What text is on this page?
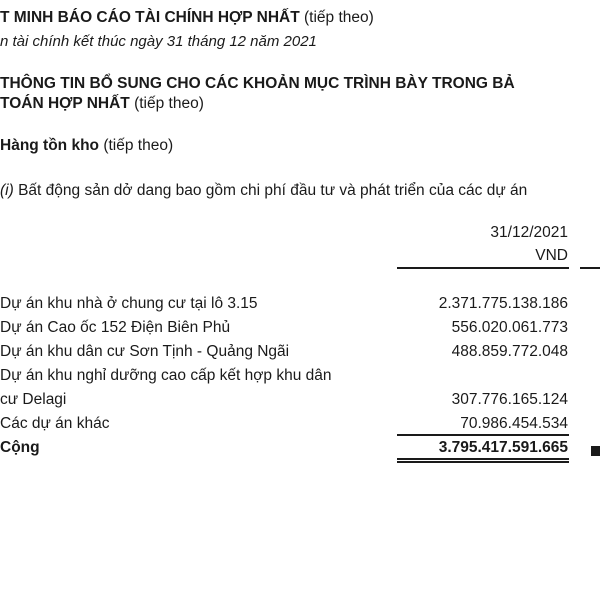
T MINH BÁO CÁO TÀI CHÍNH HỢP NHẤT (tiếp theo)
n tài chính kết thúc ngày 31 tháng 12 năm 2021
THÔNG TIN BỔ SUNG CHO CÁC KHOẢN MỤC TRÌNH BÀY TRONG BẢ
TOÁN HỢP NHẤT (tiếp theo)
Hàng tồn kho (tiếp theo)
(i) Bất động sản dở dang bao gồm chi phí đầu tư và phát triển của các dự án
31/12/2021
VND
Dự án khu nhà ở chung cư tại lô 3.15	2.371.775.138.186
Dự án Cao ốc 152 Điện Biên Phủ	556.020.061.773
Dự án khu dân cư Sơn Tịnh - Quảng Ngãi	488.859.772.048
Dự án khu nghỉ dưỡng cao cấp kết hợp khu dân
cư Delagi	307.776.165.124
Các dự án khác	70.986.454.534
Cộng	3.795.417.591.665
